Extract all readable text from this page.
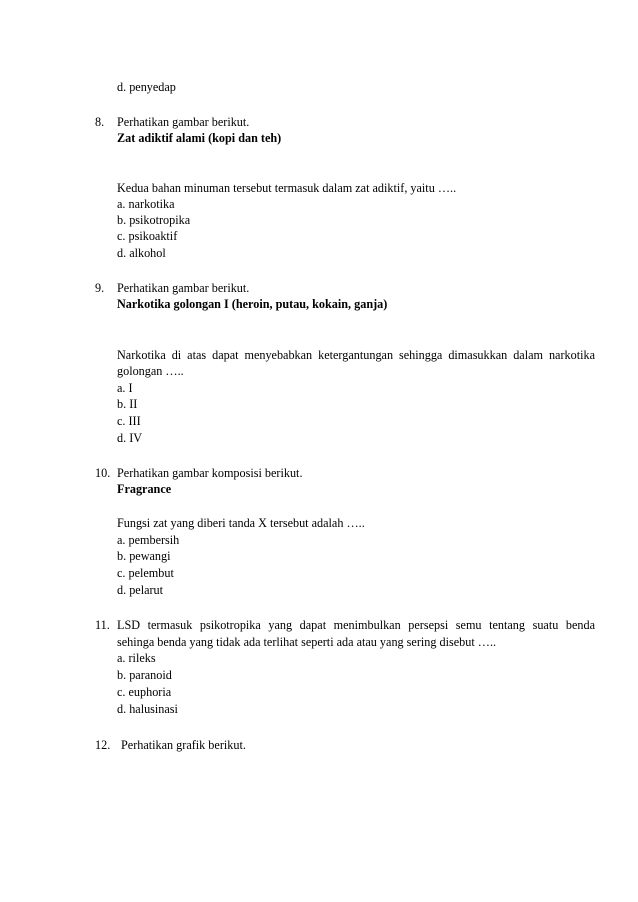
d. penyedap
8. Perhatikan gambar berikut.
Zat adiktif alami (kopi dan teh)
Kedua bahan minuman tersebut termasuk dalam zat adiktif, yaitu …..
a. narkotika
b. psikotropika
c. psikoaktif
d. alkohol
9. Perhatikan gambar berikut.
Narkotika golongan I (heroin, putau, kokain, ganja)
Narkotika di atas dapat menyebabkan ketergantungan sehingga dimasukkan dalam narkotika
golongan …..
a. I
b. II
c. III
d. IV
10. Perhatikan gambar komposisi berikut.
Fragrance
Fungsi zat yang diberi tanda X tersebut adalah …..
a. pembersih
b. pewangi
c. pelembut
d. pelarut
11. LSD termasuk psikotropika yang dapat menimbulkan persepsi semu tentang suatu benda
sehinga benda yang tidak ada terlihat seperti ada atau yang sering disebut …..
a. rileks
b. paranoid
c. euphoria
d. halusinasi
12. Perhatikan grafik berikut.
